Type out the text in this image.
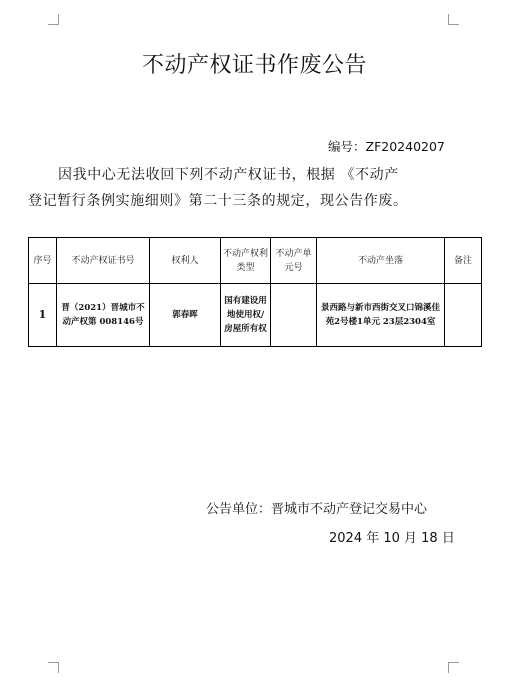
不动产权证书作废公告
编号：ZF20240207
因我中心无法收回下列不动产权证书，根据 《不动产
登记暂行条例实施细则》第二十三条的规定，现公告作废。
序号	不动产权证书号	权利人	不动产权利类型	不动产单元号	不动产坐落	备注
1	晋（2021）晋城市不动产权第 008146号	郭春晖	国有建设用地使用权/房屋所有权		景西路与新市西街交叉口锦溪佳苑2号楼1单元 23层2304室	
公告单位：晋城市不动产登记交易中心
2024 年 10 月 18 日
